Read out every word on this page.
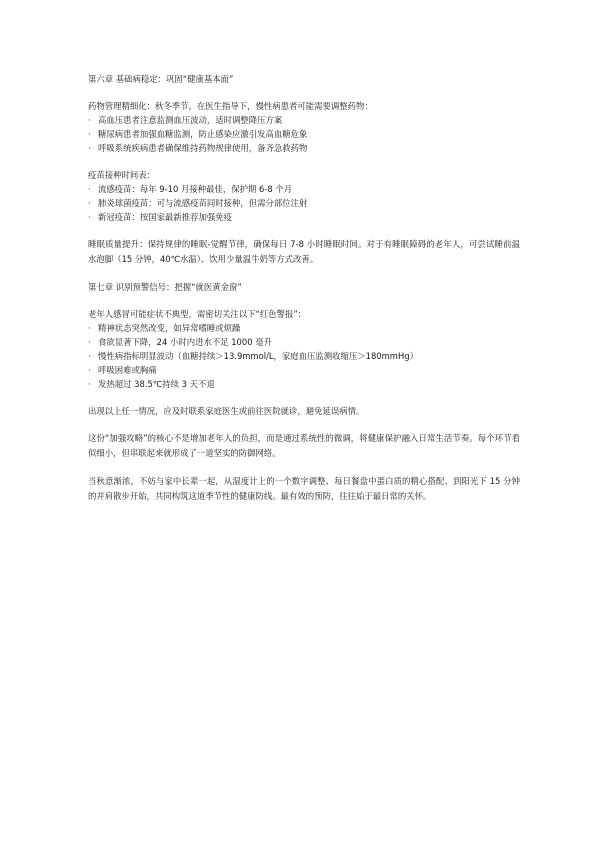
第六章 基础病稳定：巩固“健康基本面”

药物管理精细化：秋冬季节，在医生指导下，慢性病患者可能需要调整药物：

· 高血压患者注意监测血压波动，适时调整降压方案
· 糖尿病患者加强血糖监测，防止感染应激引发高血糖危象
· 呼吸系统疾病患者确保维持药物规律使用，备齐急救药物

疫苗接种时间表：

· 流感疫苗：每年 9-10 月接种最佳，保护期 6-8 个月
· 肺炎球菌疫苗：可与流感疫苗同时接种，但需分部位注射
· 新冠疫苗：按国家最新推荐加强免疫

睡眠质量提升：保持规律的睡眠-觉醒节律，确保每日 7-8 小时睡眠时间。对于有睡眠障碍的老年人，可尝试睡前温水泡脚（15 分钟，40℃水温）、饮用少量温牛奶等方式改善。

第七章 识别预警信号：把握“就医黄金窗”

老年人感冒可能症状不典型，需密切关注以下“红色警报”：

· 精神状态突然改变，如异常嗜睡或烦躁
· 食欲显著下降，24 小时内进水不足 1000 毫升
· 慢性病指标明显波动（血糖持续＞13.9mmol/L，家庭血压监测收缩压＞180mmHg）
· 呼吸困难或胸痛
· 发热超过 38.5℃持续 3 天不退

出现以上任一情况，应及时联系家庭医生或前往医院就诊，避免延误病情。

这份“加强攻略”的核心不是增加老年人的负担，而是通过系统性的微调，将健康保护融入日常生活节奏。每个环节看似细小，但串联起来就形成了一道坚实的防御网络。

当秋意渐浓，不妨与家中长辈一起，从湿度计上的一个数字调整、每日餐盘中蛋白质的精心搭配、到阳光下 15 分钟的并肩散步开始，共同构筑这道季节性的健康防线。最有效的预防，往往始于最日常的关怀。
